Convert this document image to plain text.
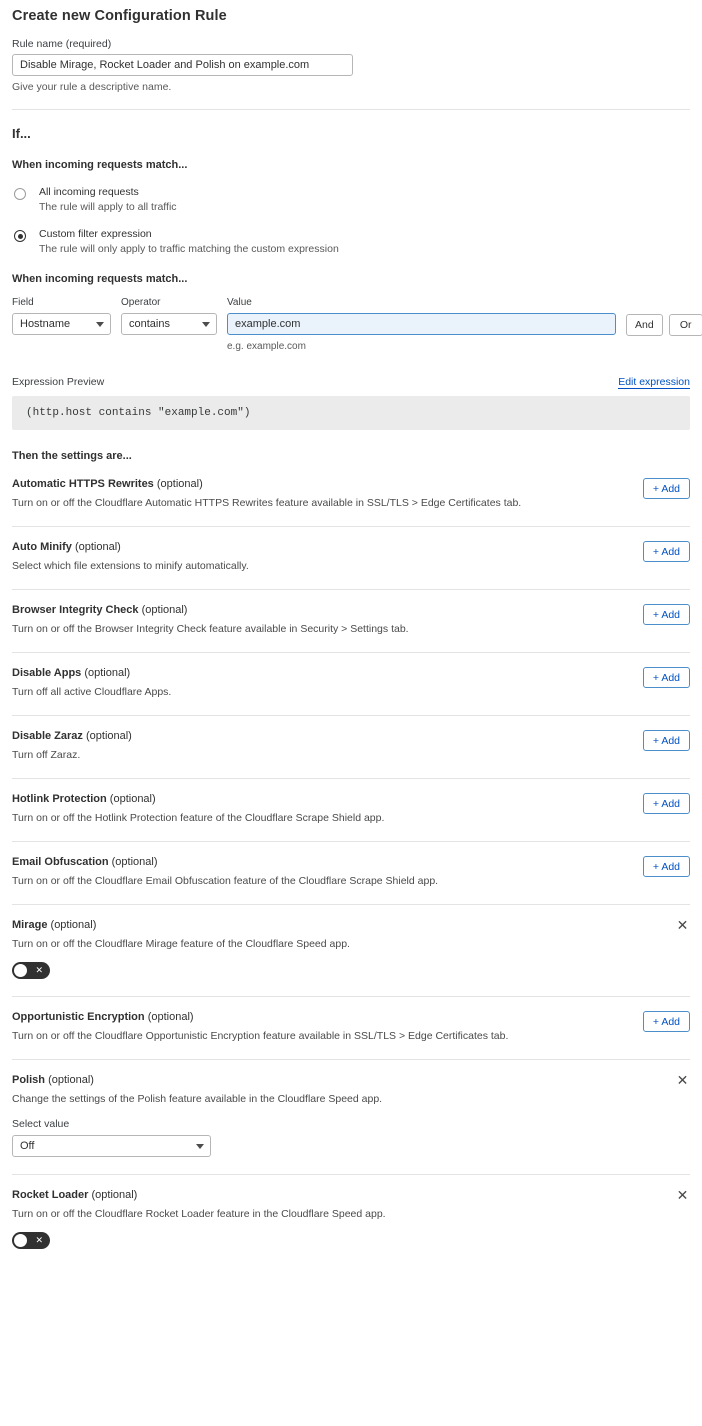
Create new Configuration Rule
Rule name (required)
Disable Mirage, Rocket Loader and Polish on example.com
Give your rule a descriptive name.
If...
When incoming requests match...
All incoming requests
The rule will apply to all traffic
Custom filter expression
The rule will only apply to traffic matching the custom expression
When incoming requests match...
Field
Hostname
Operator
contains
Value
example.com
e.g. example.com
And	Or
Expression Preview	Edit expression
(http.host contains "example.com")
Then the settings are...
Automatic HTTPS Rewrites (optional)
Turn on or off the Cloudflare Automatic HTTPS Rewrites feature available in SSL/TLS > Edge Certificates tab.
+ Add
Auto Minify (optional)
Select which file extensions to minify automatically.
+ Add
Browser Integrity Check (optional)
Turn on or off the Browser Integrity Check feature available in Security > Settings tab.
+ Add
Disable Apps (optional)
Turn off all active Cloudflare Apps.
+ Add
Disable Zaraz (optional)
Turn off Zaraz.
+ Add
Hotlink Protection (optional)
Turn on or off the Hotlink Protection feature of the Cloudflare Scrape Shield app.
+ Add
Email Obfuscation (optional)
Turn on or off the Cloudflare Email Obfuscation feature of the Cloudflare Scrape Shield app.
+ Add
Mirage (optional)
Turn on or off the Cloudflare Mirage feature of the Cloudflare Speed app.
✕
✕
Opportunistic Encryption (optional)
Turn on or off the Cloudflare Opportunistic Encryption feature available in SSL/TLS > Edge Certificates tab.
+ Add
Polish (optional)
Change the settings of the Polish feature available in the Cloudflare Speed app.
Select value
Off
✕
Rocket Loader (optional)
Turn on or off the Cloudflare Rocket Loader feature in the Cloudflare Speed app.
✕
✕
